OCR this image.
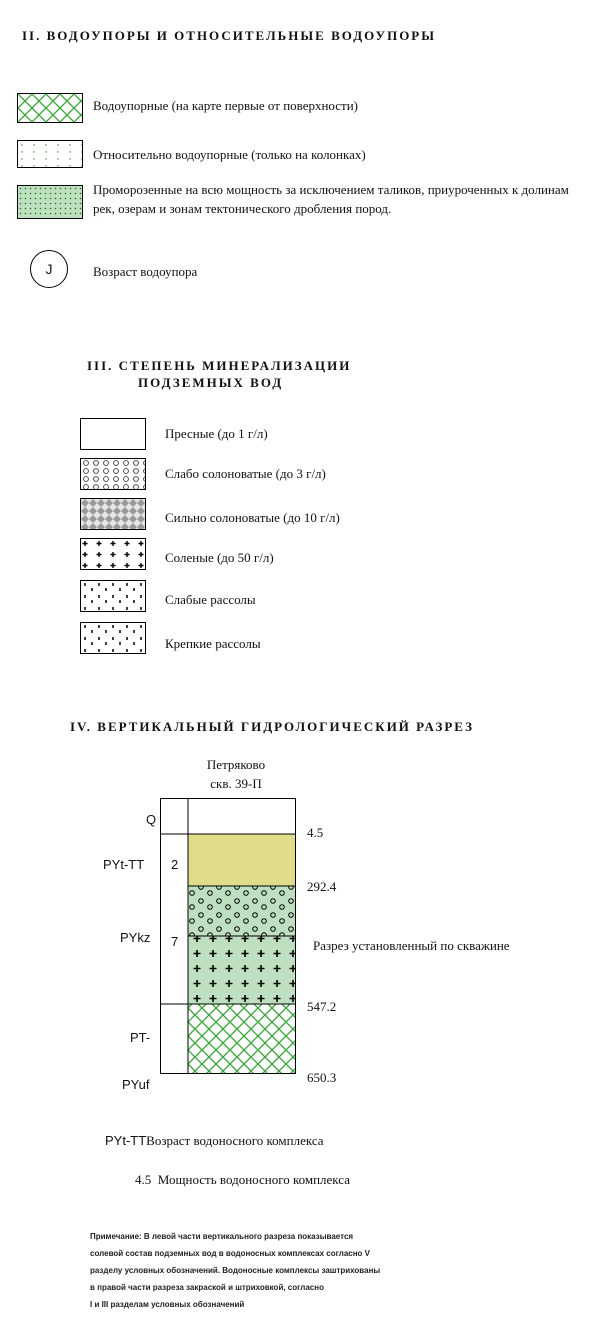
II. ВОДОУПОРЫ И ОТНОСИТЕЛЬНЫЕ ВОДОУПОРЫ
Водоупорные (на карте первые от поверхности)
Относительно водоупорные (только на колонках)
Проморозенные на всю мощность за исключением таликов, приуроченных к долинам рек, озерам и зонам тектонического дробления пород.
J	Возраст водоупора
III. СТЕПЕНЬ МИНЕРАЛИЗАЦИИ
ПОДЗЕМНЫХ ВОД
Пресные (до 1 г/л)
Слабо солоноватые (до 3 г/л)
Сильно солоноватые (до 10 г/л)
Соленые (до 50 г/л)
Слабые рассолы
Крепкие рассолы
IV. ВЕРТИКАЛЬНЫЙ ГИДРОЛОГИЧЕСКИЙ РАЗРЕЗ
Петряково
скв. 39-П
Q
PYt-TT 2
PYkz 7
PT-
PYuf
4.5
292.4
547.2
650.3
Разрез установленный по скважине
PYt-TTВозраст водоносного комплекса
4.5 Мощность водоносного комплекса
Примечание: В левой части вертикального разреза показывается
солевой состав подземных вод в водоносных комплексах согласно V
разделу условных обозначений. Водоносные комплексы заштрихованы
в правой части разреза закраской и штриховкой, согласно
I и III разделам условных обозначений
